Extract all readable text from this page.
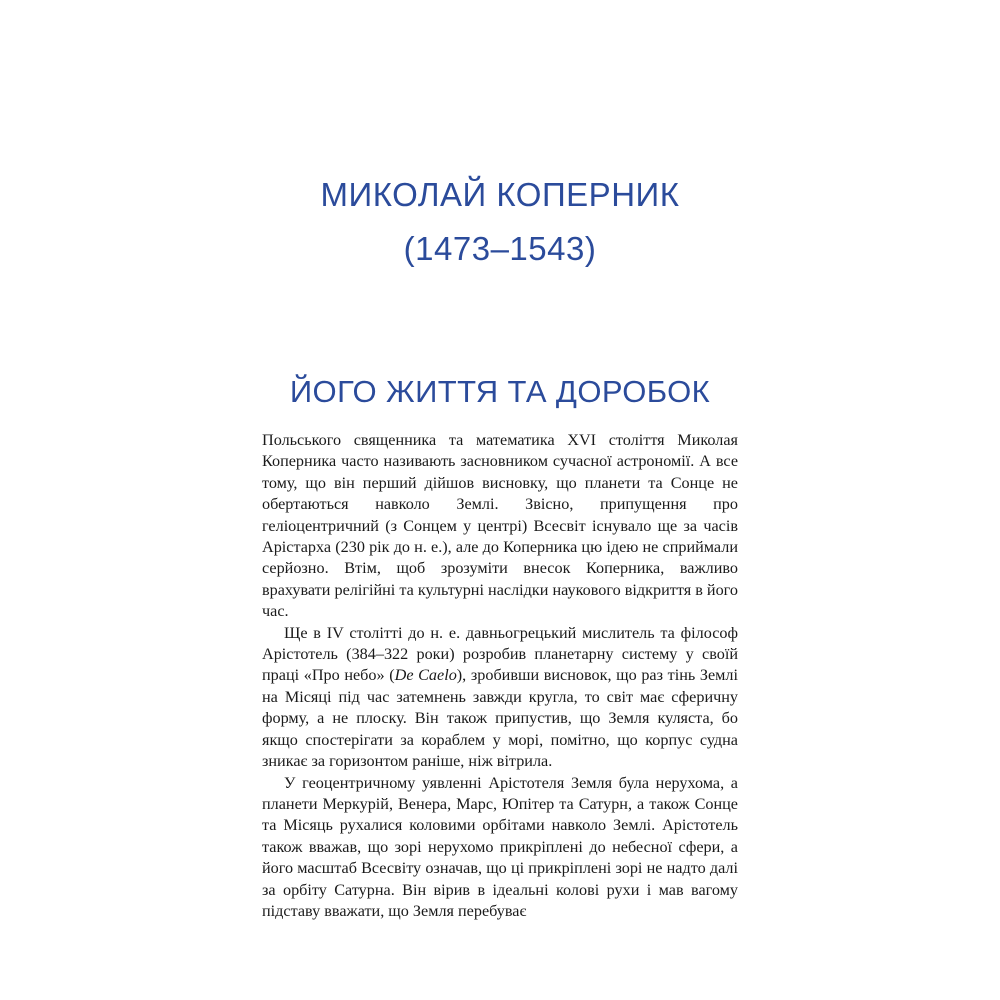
МИКОЛАЙ КОПЕРНИК
(1473–1543)
ЙОГО ЖИТТЯ ТА ДОРОБОК

Польського священника та математика XVI століття Миколая Коперника часто називають засновником сучасної астрономії. А все тому, що він перший дійшов висновку, що планети та Сонце не обертаються навколо Землі. Звісно, припущення про геліоцентричний (з Сонцем у центрі) Всесвіт існувало ще за часів Арістарха (230 рік до н. е.), але до Коперника цю ідею не сприймали серйозно. Втім, щоб зрозуміти внесок Коперника, важливо врахувати релігійні та культурні наслідки наукового відкриття в його час.

Ще в IV столітті до н. е. давньогрецький мислитель та філософ Арістотель (384–322 роки) розробив планетарну систему у своїй праці «Про небо» (De Caelo), зробивши висновок, що раз тінь Землі на Місяці під час затемнень завжди кругла, то світ має сферичну форму, а не плоску. Він також припустив, що Земля куляста, бо якщо спостерігати за кораблем у морі, помітно, що корпус судна зникає за горизонтом раніше, ніж вітрила.

У геоцентричному уявленні Арістотеля Земля була нерухома, а планети Меркурій, Венера, Марс, Юпітер та Сатурн, а також Сонце та Місяць рухалися коловими орбітами навколо Землі. Арістотель також вважав, що зорі нерухомо прикріплені до небесної сфери, а його масштаб Всесвіту означав, що ці прикріплені зорі не надто далі за орбіту Сатурна. Він вірив в ідеальні колові рухи і мав вагому підставу вважати, що Земля перебуває
